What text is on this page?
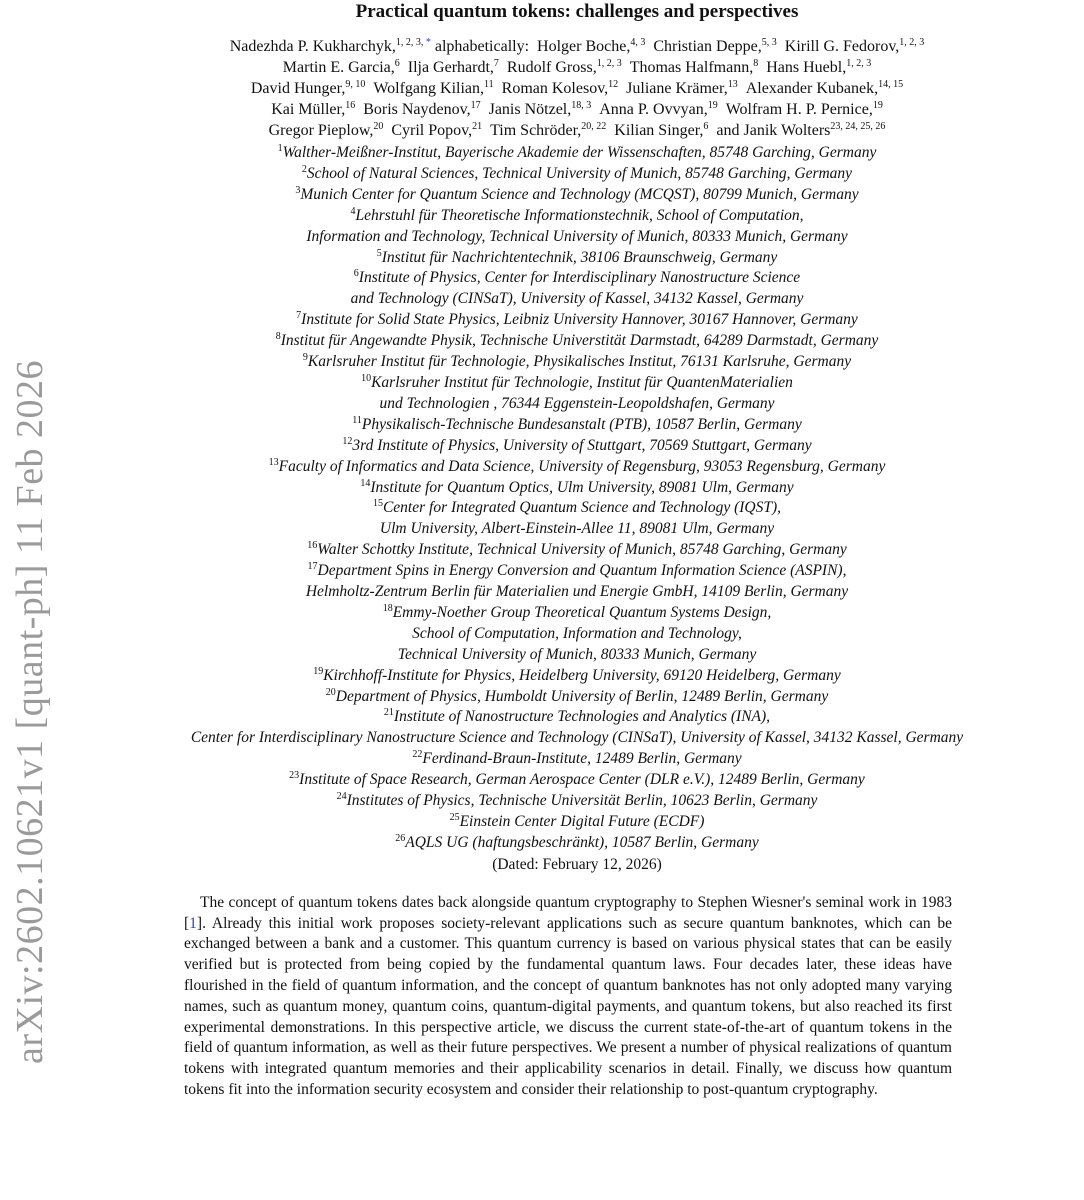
arXiv:2602.10621v1 [quant-ph] 11 Feb 2026
Practical quantum tokens: challenges and perspectives
Nadezhda P. Kukharchyk,$^{1, 2, 3, *}$ alphabetically: Holger Boche,$^{4, 3}$ Christian Deppe,$^{5, 3}$ Kirill G. Fedorov,$^{1, 2, 3}$
Martin E. Garcia,$^6$ Ilja Gerhardt,$^7$ Rudolf Gross,$^{1, 2, 3}$ Thomas Halfmann,$^8$ Hans Huebl,$^{1, 2, 3}$
David Hunger,$^{9, 10}$ Wolfgang Kilian,$^{11}$ Roman Kolesov,$^{12}$ Juliane Krämer,$^{13}$ Alexander Kubanek,$^{14, 15}$
Kai Müller,$^{16}$ Boris Naydenov,$^{17}$ Janis Nötzel,$^{18, 3}$ Anna P. Ovvyan,$^{19}$ Wolfram H. P. Pernice,$^{19}$
Gregor Pieplow,$^{20}$ Cyril Popov,$^{21}$ Tim Schröder,$^{20, 22}$ Kilian Singer,$^6$ and Janik Wolters$^{23, 24, 25, 26}$
$^1$Walther-Meißner-Institut, Bayerische Akademie der Wissenschaften, 85748 Garching, Germany
$^2$School of Natural Sciences, Technical University of Munich, 85748 Garching, Germany
$^3$Munich Center for Quantum Science and Technology (MCQST), 80799 Munich, Germany
$^4$Lehrstuhl für Theoretische Informationstechnik, School of Computation,
Information and Technology, Technical University of Munich, 80333 Munich, Germany
$^5$Institut für Nachrichtentechnik, 38106 Braunschweig, Germany
$^6$Institute of Physics, Center for Interdisciplinary Nanostructure Science
and Technology (CINSaT), University of Kassel, 34132 Kassel, Germany
$^7$Institute for Solid State Physics, Leibniz University Hannover, 30167 Hannover, Germany
$^8$Institut für Angewandte Physik, Technische Universtität Darmstadt, 64289 Darmstadt, Germany
$^9$Karlsruher Institut für Technologie, Physikalisches Institut, 76131 Karlsruhe, Germany
$^{10}$Karlsruher Institut für Technologie, Institut für QuantenMaterialien
und Technologien , 76344 Eggenstein-Leopoldshafen, Germany
$^{11}$Physikalisch-Technische Bundesanstalt (PTB), 10587 Berlin, Germany
$^{12}$3rd Institute of Physics, University of Stuttgart, 70569 Stuttgart, Germany
$^{13}$Faculty of Informatics and Data Science, University of Regensburg, 93053 Regensburg, Germany
$^{14}$Institute for Quantum Optics, Ulm University, 89081 Ulm, Germany
$^{15}$Center for Integrated Quantum Science and Technology (IQST),
Ulm University, Albert-Einstein-Allee 11, 89081 Ulm, Germany
$^{16}$Walter Schottky Institute, Technical University of Munich, 85748 Garching, Germany
$^{17}$Department Spins in Energy Conversion and Quantum Information Science (ASPIN),
Helmholtz-Zentrum Berlin für Materialien und Energie GmbH, 14109 Berlin, Germany
$^{18}$Emmy-Noether Group Theoretical Quantum Systems Design,
School of Computation, Information and Technology,
Technical University of Munich, 80333 Munich, Germany
$^{19}$Kirchhoff-Institute for Physics, Heidelberg University, 69120 Heidelberg, Germany
$^{20}$Department of Physics, Humboldt University of Berlin, 12489 Berlin, Germany
$^{21}$Institute of Nanostructure Technologies and Analytics (INA),
Center for Interdisciplinary Nanostructure Science and Technology (CINSaT), University of Kassel, 34132 Kassel, Germany
$^{22}$Ferdinand-Braun-Institute, 12489 Berlin, Germany
$^{23}$Institute of Space Research, German Aerospace Center (DLR e.V.), 12489 Berlin, Germany
$^{24}$Institutes of Physics, Technische Universität Berlin, 10623 Berlin, Germany
$^{25}$Einstein Center Digital Future (ECDF)
$^{26}$AQLS UG (haftungsbeschränkt), 10587 Berlin, Germany
(Dated: February 12, 2026)
The concept of quantum tokens dates back alongside quantum cryptography to Stephen Wiesner's seminal work in 1983 [1]. Already this initial work proposes society-relevant applications such as secure quantum banknotes, which can be exchanged between a bank and a customer. This quantum currency is based on various physical states that can be easily verified but is protected from being copied by the fundamental quantum laws. Four decades later, these ideas have flourished in the field of quantum information, and the concept of quantum banknotes has not only adopted many varying names, such as quantum money, quantum coins, quantum-digital payments, and quantum tokens, but also reached its first experimental demonstrations. In this perspective article, we discuss the current state-of-the-art of quantum tokens in the field of quantum information, as well as their future perspectives. We present a number of physical realizations of quantum tokens with integrated quantum memories and their applicability scenarios in detail. Finally, we discuss how quantum tokens fit into the information security ecosystem and consider their relationship to post-quantum cryptography.
